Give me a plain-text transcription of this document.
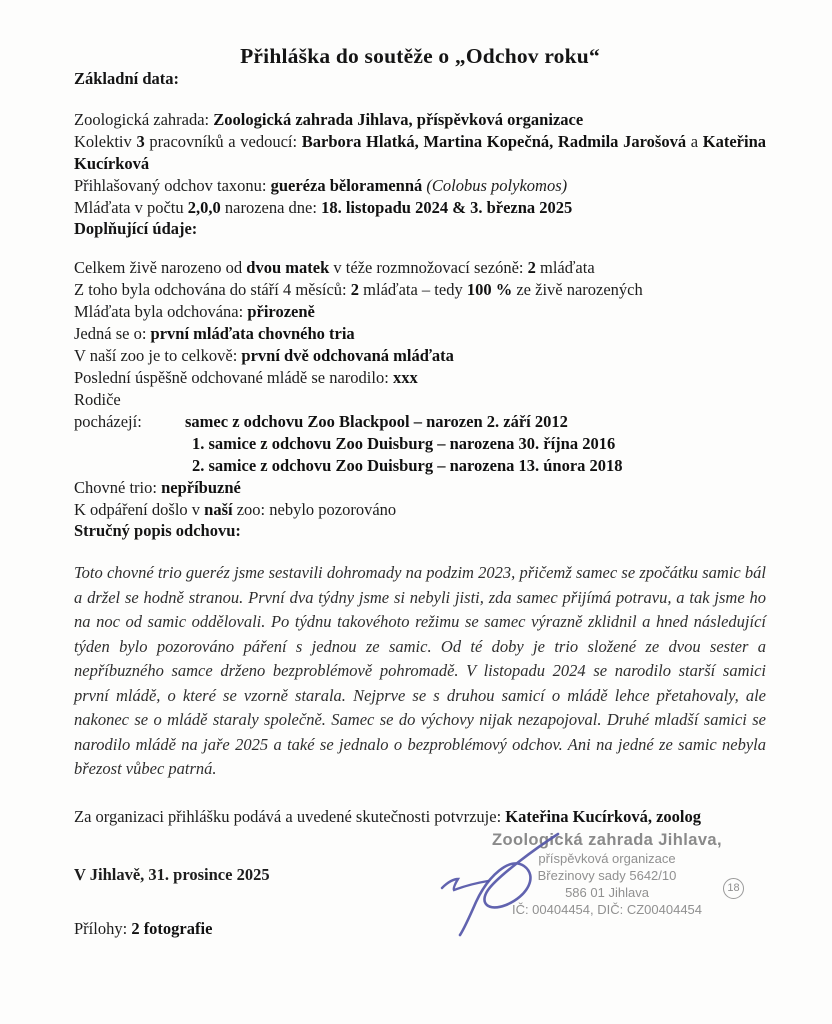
Přihláška do soutěže o „Odchov roku“
Základní data:

Zoologická zahrada: Zoologická zahrada Jihlava, příspěvková organizace

Kolektiv 3 pracovníků a vedoucí: Barbora Hlatká, Martina Kopečná, Radmila Jarošová a Kateřina Kucírková

Přihlašovaný odchov taxonu: gueréza běloramenná (Colobus polykomos)

Mláďata v počtu 2,0,0 narozena dne: 18. listopadu 2024 & 3. března 2025

Doplňující údaje:

Celkem živě narozeno od dvou matek v téže rozmnožovací sezóně: 2 mláďata

Z toho byla odchována do stáří 4 měsíců: 2 mláďata – tedy 100 % ze živě narozených

Mláďata byla odchována: přirozeně

Jedná se o: první mláďata chovného tria

V naší zoo je to celkově: první dvě odchovaná mláďata

Poslední úspěšně odchované mládě se narodilo: xxx

Rodiče pocházejí:	samec z odchovu Zoo Blackpool – narozen 2. září 2012

1. samice z odchovu Zoo Duisburg – narozena 30. října 2016

2. samice z odchovu Zoo Duisburg – narozena 13. února 2018

Chovné trio: nepříbuzné

K odpáření došlo v naší zoo: nebylo pozorováno

Stručný popis odchovu:

Toto chovné trio gueréz jsme sestavili dohromady na podzim 2023, přičemž samec se zpočátku samic bál a držel se hodně stranou. První dva týdny jsme si nebyli jisti, zda samec přijímá potravu, a tak jsme ho na noc od samic oddělovali. Po týdnu takovéhoto režimu se samec výrazně zklidnil a hned následující týden bylo pozorováno páření s jednou ze samic. Od té doby je trio složené ze dvou sester a nepříbuzného samce drženo bezproblémově pohromadě. V listopadu 2024 se narodilo starší samici první mládě, o které se vzorně starala. Nejprve se s druhou samicí o mládě lehce přetahovaly, ale nakonec se o mládě staraly společně. Samec se do výchovy nijak nezapojoval. Druhé mladší samici se narodilo mládě na jaře 2025 a také se jednalo o bezproblémový odchov. Ani na jedné ze samic nebyla březost vůbec patrná.

Za organizaci přihlášku podává a uvedené skutečnosti potvrzuje: Kateřina Kucírková, zoolog

V Jihlavě, 31. prosince 2025

Přílohy: 2 fotografie

Zoologická zahrada Jihlava,
příspěvková organizace
Březinovy sady 5642/10
586 01 Jihlava
IČ: 00404454, DIČ: CZ00404454
18
